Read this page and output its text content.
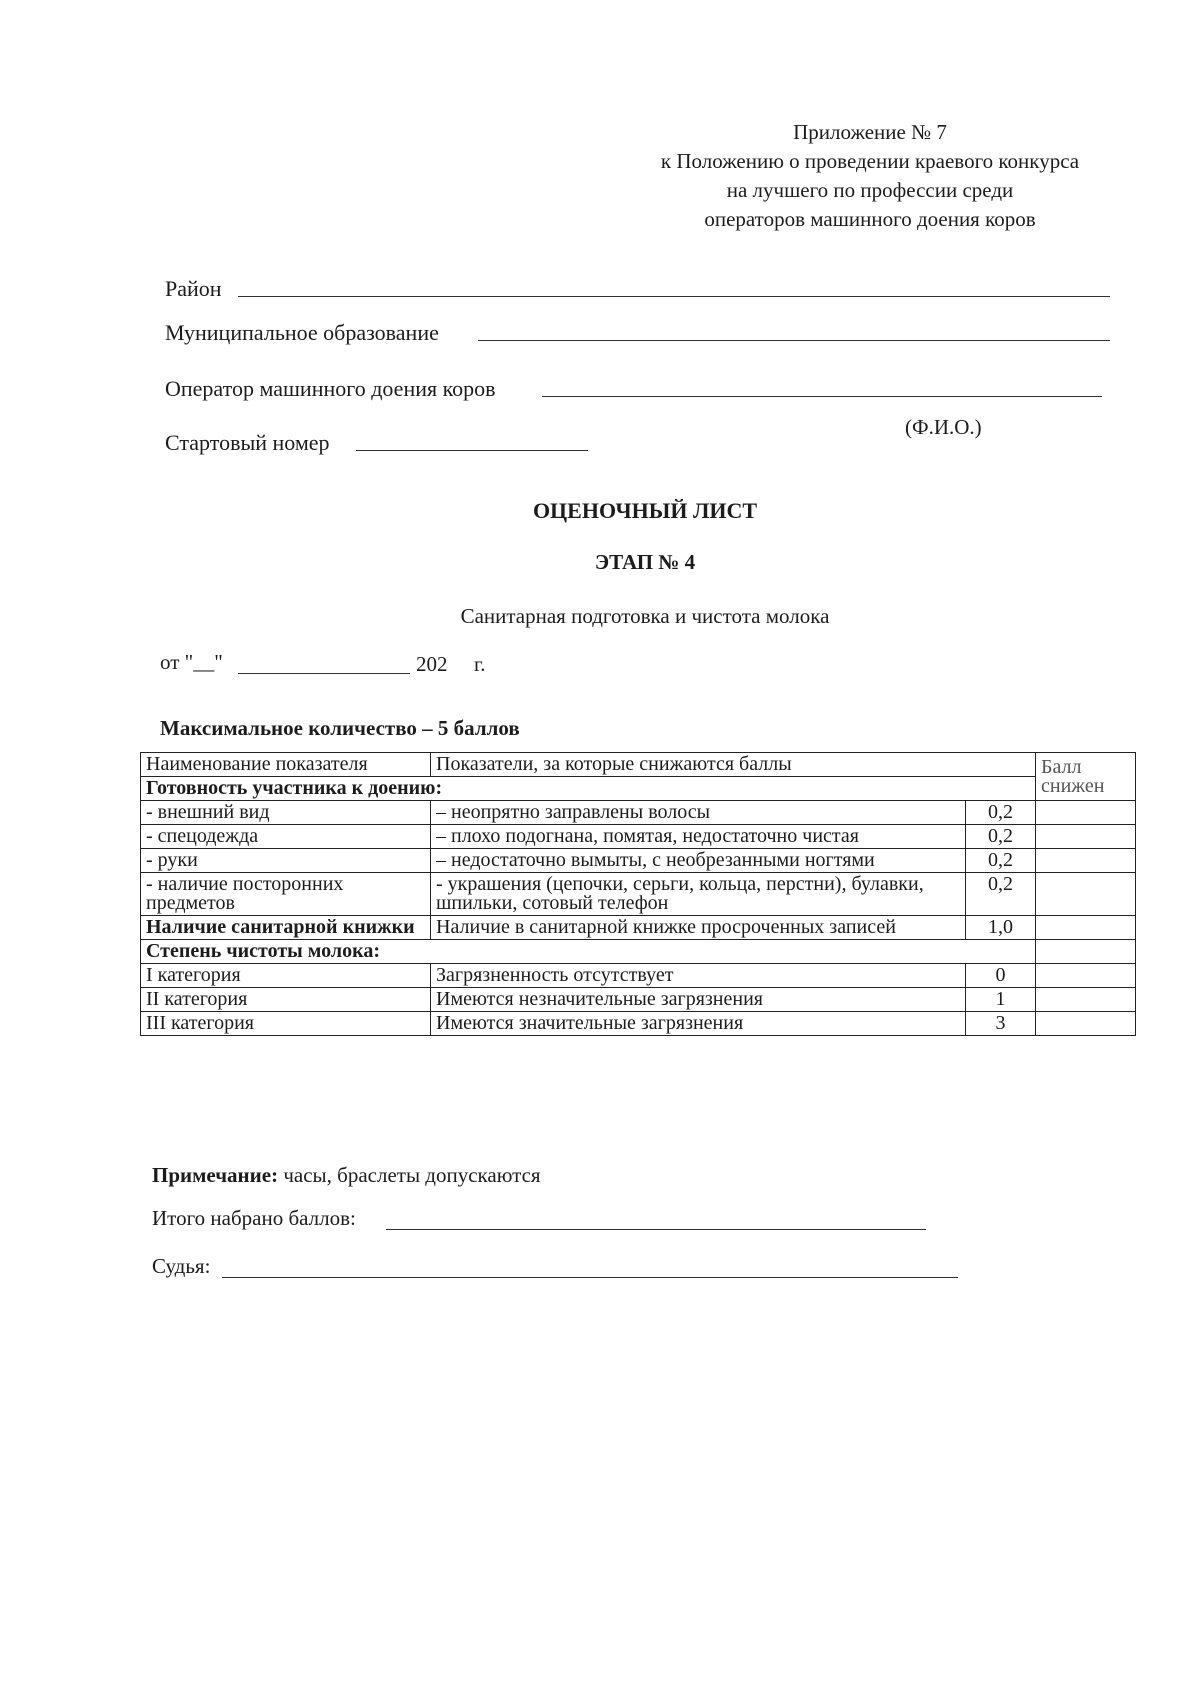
Приложение № 7
к Положению о проведении краевого конкурса
на лучшего по профессии среди
операторов машинного доения коров
Район
Муниципальное образование
Оператор машинного доения коров
(Ф.И.О.)
Стартовый номер
ОЦЕНОЧНЫЙ ЛИСТ
ЭТАП № 4
Санитарная подготовка и чистота молока
от "__"	202 г.
Максимальное количество – 5 баллов
Наименование показателя	Показатели, за которые снижаются баллы		Балл снижен
Готовность участника к доению:			
- внешний вид	– неопрятно заправлены волосы	0,2	
- спецодежда	– плохо подогнана, помятая, недостаточно чистая	0,2	
- руки	– недостаточно вымыты, с необрезанными ногтями	0,2	
- наличие посторонних предметов	- украшения (цепочки, серьги, кольца, перстни), булавки, шпильки, сотовый телефон	0,2	
Наличие санитарной книжки	Наличие в санитарной книжке просроченных записей	1,0	
Степень чистоты молока:			
I категория	Загрязненность отсутствует	0	
II категория	Имеются незначительные загрязнения	1	
III категория	Имеются значительные загрязнения	3	
Примечание: часы, браслеты допускаются
Итого набрано баллов:
Судья:
